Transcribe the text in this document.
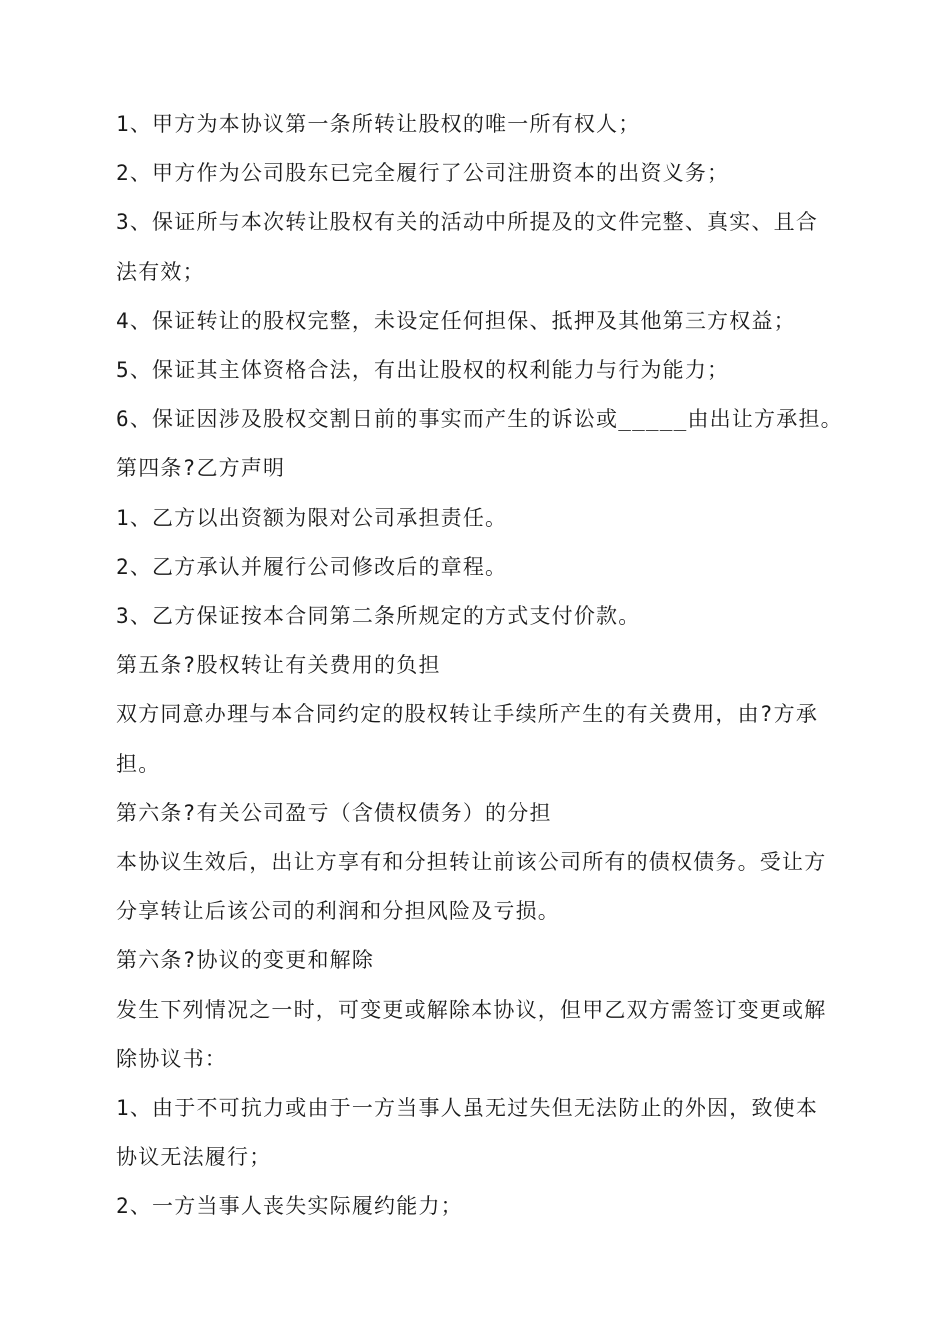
1、甲方为本协议第一条所转让股权的唯一所有权人；
2、甲方作为公司股东已完全履行了公司注册资本的出资义务；
3、保证所与本次转让股权有关的活动中所提及的文件完整、真实、且合
法有效；
4、保证转让的股权完整，未设定任何担保、抵押及其他第三方权益；
5、保证其主体资格合法，有出让股权的权利能力与行为能力；
6、保证因涉及股权交割日前的事实而产生的诉讼或_____由出让方承担。
第四条?乙方声明
1、乙方以出资额为限对公司承担责任。
2、乙方承认并履行公司修改后的章程。
3、乙方保证按本合同第二条所规定的方式支付价款。
第五条?股权转让有关费用的负担
双方同意办理与本合同约定的股权转让手续所产生的有关费用，由?方承
担。
第六条?有关公司盈亏（含债权债务）的分担
本协议生效后，出让方享有和分担转让前该公司所有的债权债务。受让方
分享转让后该公司的利润和分担风险及亏损。
第六条?协议的变更和解除
发生下列情况之一时，可变更或解除本协议，但甲乙双方需签订变更或解
除协议书：
1、由于不可抗力或由于一方当事人虽无过失但无法防止的外因，致使本
协议无法履行；
2、一方当事人丧失实际履约能力；
